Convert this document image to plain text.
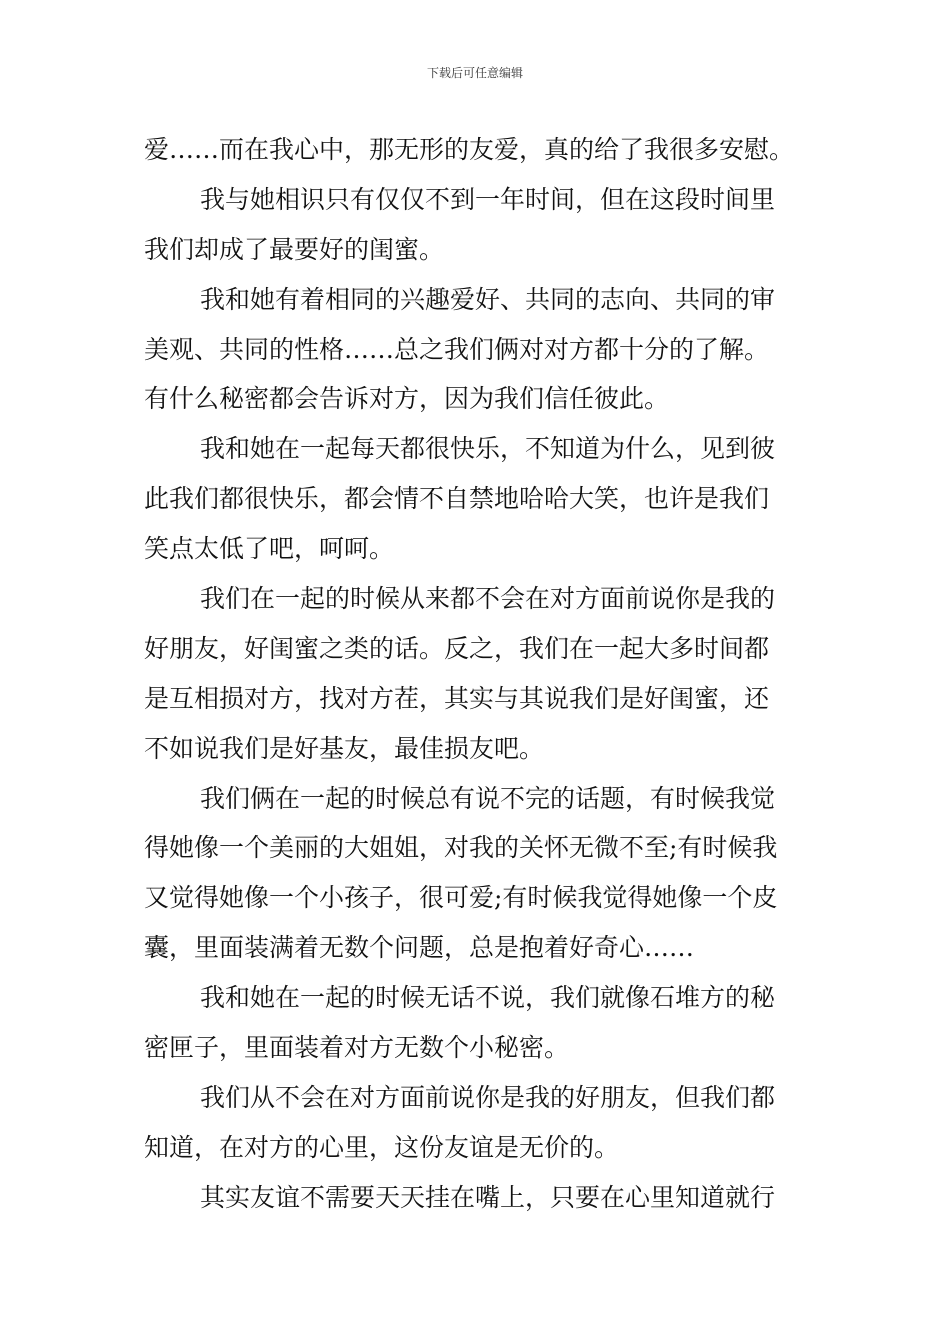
下载后可任意编辑
爱……而在我心中，那无形的友爱，真的给了我很多安慰。
我与她相识只有仅仅不到一年时间，但在这段时间里
我们却成了最要好的闺蜜。
我和她有着相同的兴趣爱好、共同的志向、共同的审
美观、共同的性格……总之我们俩对对方都十分的了解。
有什么秘密都会告诉对方，因为我们信任彼此。
我和她在一起每天都很快乐，不知道为什么，见到彼
此我们都很快乐，都会情不自禁地哈哈大笑，也许是我们
笑点太低了吧，呵呵。
我们在一起的时候从来都不会在对方面前说你是我的
好朋友，好闺蜜之类的话。反之，我们在一起大多时间都
是互相损对方，找对方茬，其实与其说我们是好闺蜜，还
不如说我们是好基友，最佳损友吧。
我们俩在一起的时候总有说不完的话题，有时候我觉
得她像一个美丽的大姐姐，对我的关怀无微不至;有时候我
又觉得她像一个小孩子，很可爱;有时候我觉得她像一个皮
囊，里面装满着无数个问题，总是抱着好奇心……
我和她在一起的时候无话不说，我们就像石堆方的秘
密匣子，里面装着对方无数个小秘密。
我们从不会在对方面前说你是我的好朋友，但我们都
知道，在对方的心里，这份友谊是无价的。
其实友谊不需要天天挂在嘴上，只要在心里知道就行
